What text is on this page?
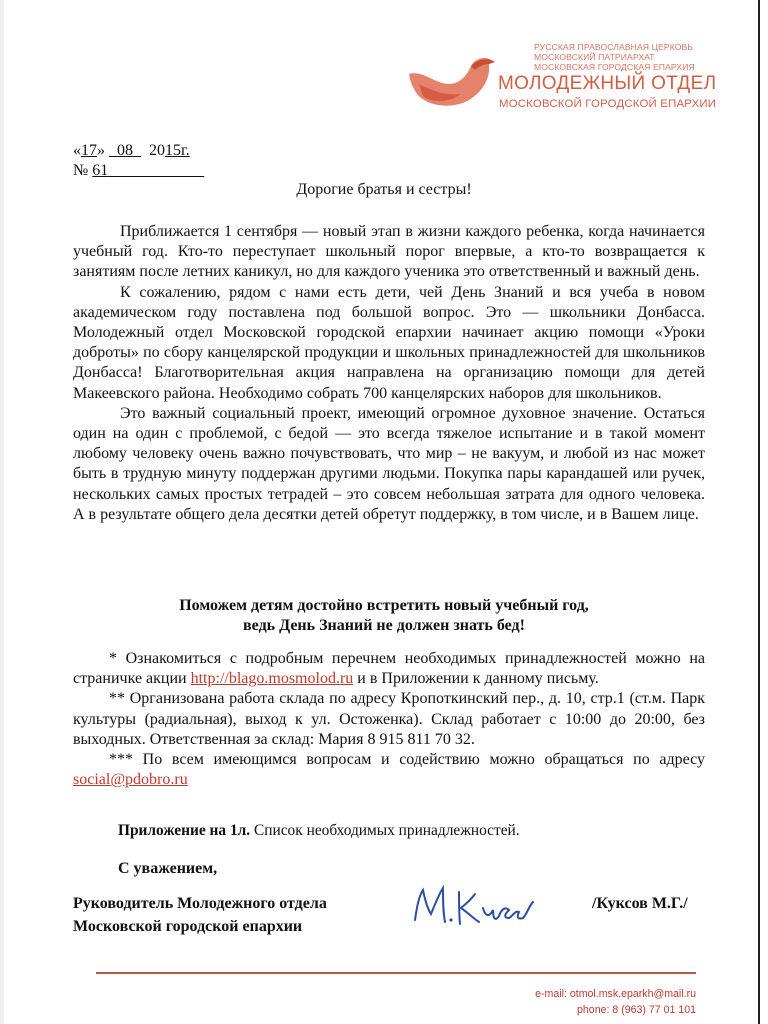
РУССКАЯ ПРАВОСЛАВНАЯ ЦЕРКОВЬ
МОСКОВСКИЙ ПАТРИАРХАТ
МОСКОВСКАЯ ГОРОДСКАЯ ЕПАРХИЯ
МОЛОДЕЖНЫЙ ОТДЕЛ
МОСКОВСКОЙ ГОРОДСКОЙ ЕПАРХИИ
«17» 08 2015г.
№ 61
Дорогие братья и сестры!

Приближается 1 сентября — новый этап в жизни каждого ребенка, когда начинается учебный год. Кто-то переступает школьный порог впервые, а кто-то возвращается к занятиям после летних каникул, но для каждого ученика это ответственный и важный день.

К сожалению, рядом с нами есть дети, чей День Знаний и вся учеба в новом академическом году поставлена под большой вопрос. Это — школьники Донбасса. Молодежный отдел Московской городской епархии начинает акцию помощи «Уроки доброты» по сбору канцелярской продукции и школьных принадлежностей для школьников Донбасса! Благотворительная акция направлена на организацию помощи для детей Макеевского района. Необходимо собрать 700 канцелярских наборов для школьников.

Это важный социальный проект, имеющий огромное духовное значение. Остаться один на один с проблемой, с бедой — это всегда тяжелое испытание и в такой момент любому человеку очень важно почувствовать, что мир – не вакуум, и любой из нас может быть в трудную минуту поддержан другими людьми. Покупка пары карандашей или ручек, нескольких самых простых тетрадей – это совсем небольшая затрата для одного человека. А в результате общего дела десятки детей обретут поддержку, в том числе, и в Вашем лице.

Поможем детям достойно встретить новый учебный год,
ведь День Знаний не должен знать бед!

* Ознакомиться с подробным перечнем необходимых принадлежностей можно на страничке акции http://blago.mosmolod.ru и в Приложении к данному письму.

** Организована работа склада по адресу Кропоткинский пер., д. 10, стр.1 (ст.м. Парк культуры (радиальная), выход к ул. Остоженка). Склад работает с 10:00 до 20:00, без выходных. Ответственная за склад: Мария 8 915 811 70 32.

*** По всем имеющимся вопросам и содействию можно обращаться по адресу social@pdobro.ru

Приложение на 1л. Список необходимых принадлежностей.
С уважением,
Руководитель Молодежного отдела
Московской городской епархии
/Куксов М.Г./
e-mail: otmol.msk.eparkh@mail.ru
phone: 8 (963) 77 01 101
